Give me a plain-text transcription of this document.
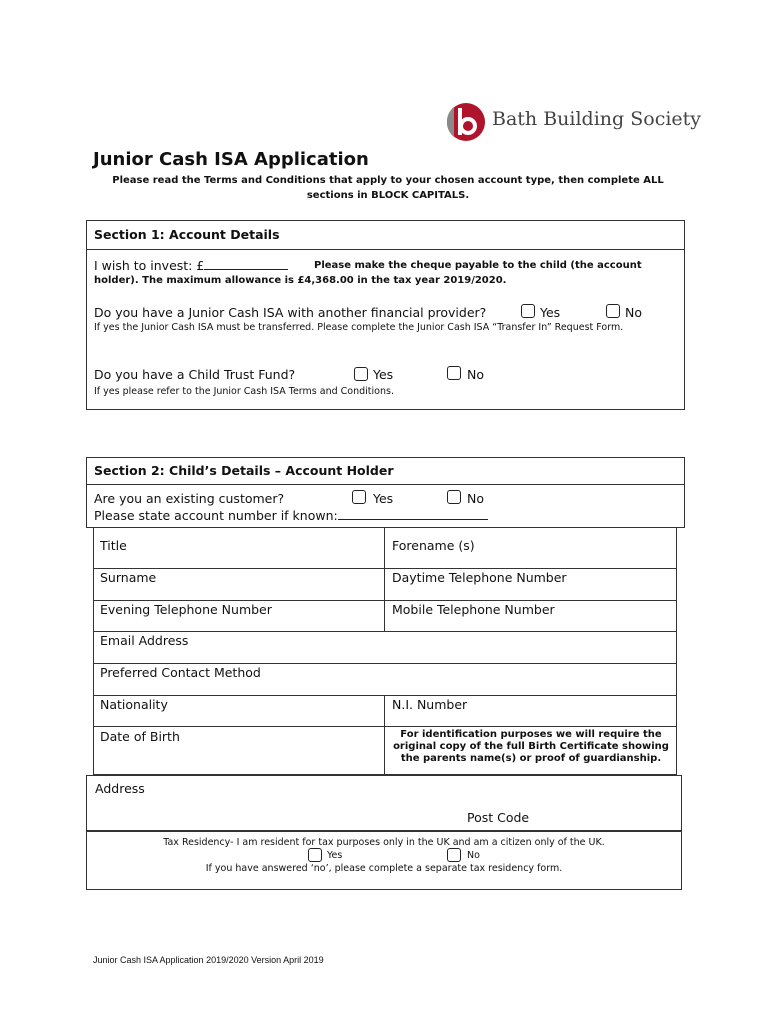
Bath Building Society
Junior Cash ISA Application
Please read the Terms and Conditions that apply to your chosen account type, then complete ALL sections in BLOCK CAPITALS.
Section 1: Account Details
I wish to invest: £	Please make the cheque payable to the child (the account
holder). The maximum allowance is £4,368.00 in the tax year 2019/2020.
Do you have a Junior Cash ISA with another financial provider?	Yes	No
If yes the Junior Cash ISA must be transferred. Please complete the Junior Cash ISA “Transfer In” Request Form.
Do you have a Child Trust Fund?	Yes	No
If yes please refer to the Junior Cash ISA Terms and Conditions.
Section 2: Child’s Details – Account Holder
Are you an existing customer?	Yes	No
Please state account number if known:
Title	Forename (s)
Surname	Daytime Telephone Number
Evening Telephone Number	Mobile Telephone Number
Email Address
Preferred Contact Method
Nationality	N.I. Number
Date of Birth	For identification purposes we will require the original copy of the full Birth Certificate showing the parents name(s) or proof of guardianship.
Address
Post Code
Tax Residency- I am resident for tax purposes only in the UK and am a citizen only of the UK.
Yes	No
If you have answered ‘no’, please complete a separate tax residency form.
Junior Cash ISA Application 2019/2020 Version April 2019
